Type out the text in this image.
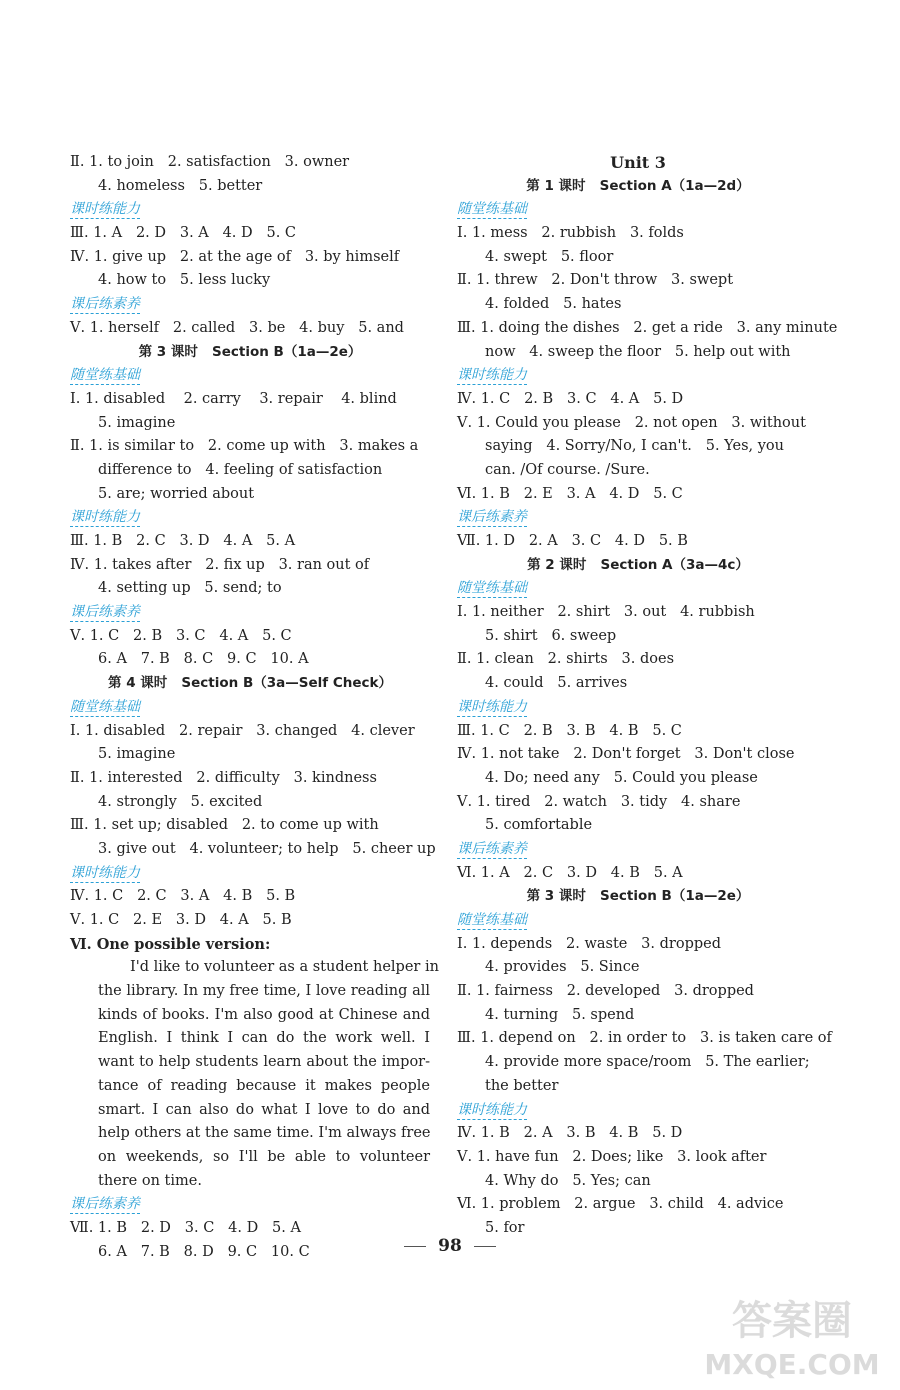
Ⅱ. 1. to join   2. satisfaction   3. owner
4. homeless   5. better
课时练能力
Ⅲ. 1. A   2. D   3. A   4. D   5. C
Ⅳ. 1. give up   2. at the age of   3. by himself
4. how to   5. less lucky
课后练素养
Ⅴ. 1. herself   2. called   3. be   4. buy   5. and
第 3 课时   Section B（1a—2e）
随堂练基础
Ⅰ. 1. disabled    2. carry    3. repair    4. blind
5. imagine
Ⅱ. 1. is similar to   2. come up with   3. makes a
difference to   4. feeling of satisfaction
5. are; worried about
课时练能力
Ⅲ. 1. B   2. C   3. D   4. A   5. A
Ⅳ. 1. takes after   2. fix up   3. ran out of
4. setting up   5. send; to
课后练素养
Ⅴ. 1. C   2. B   3. C   4. A   5. C
6. A   7. B   8. C   9. C   10. A
第 4 课时   Section B（3a—Self Check）
随堂练基础
Ⅰ. 1. disabled   2. repair   3. changed   4. clever
5. imagine
Ⅱ. 1. interested   2. difficulty   3. kindness
4. strongly   5. excited
Ⅲ. 1. set up; disabled   2. to come up with
3. give out   4. volunteer; to help   5. cheer up
课时练能力
Ⅳ. 1. C   2. C   3. A   4. B   5. B
Ⅴ. 1. C   2. E   3. D   4. A   5. B
Ⅵ. One possible version:
I'd like to volunteer as a student helper in
the library. In my free time, I love reading all
kinds of books. I'm also good at Chinese and
English. I think I can do the work well. I
want to help students learn about the impor-
tance of reading because it makes people
smart. I can also do what I love to do and
help others at the same time. I'm always free
on weekends, so I'll be able to volunteer
there on time.
课后练素养
Ⅶ. 1. B   2. D   3. C   4. D   5. A
6. A   7. B   8. D   9. C   10. C
Unit 3
第 1 课时   Section A（1a—2d）
随堂练基础
Ⅰ. 1. mess   2. rubbish   3. folds
4. swept   5. floor
Ⅱ. 1. threw   2. Don't throw   3. swept
4. folded   5. hates
Ⅲ. 1. doing the dishes   2. get a ride   3. any minute
now   4. sweep the floor   5. help out with
课时练能力
Ⅳ. 1. C   2. B   3. C   4. A   5. D
Ⅴ. 1. Could you please   2. not open   3. without
saying   4. Sorry/No, I can't.   5. Yes, you
can. /Of course. /Sure.
Ⅵ. 1. B   2. E   3. A   4. D   5. C
课后练素养
Ⅶ. 1. D   2. A   3. C   4. D   5. B
第 2 课时   Section A（3a—4c）
随堂练基础
Ⅰ. 1. neither   2. shirt   3. out   4. rubbish
5. shirt   6. sweep
Ⅱ. 1. clean   2. shirts   3. does
4. could   5. arrives
课时练能力
Ⅲ. 1. C   2. B   3. B   4. B   5. C
Ⅳ. 1. not take   2. Don't forget   3. Don't close
4. Do; need any   5. Could you please
Ⅴ. 1. tired   2. watch   3. tidy   4. share
5. comfortable
课后练素养
Ⅵ. 1. A   2. C   3. D   4. B   5. A
第 3 课时   Section B（1a—2e）
随堂练基础
Ⅰ. 1. depends   2. waste   3. dropped
4. provides   5. Since
Ⅱ. 1. fairness   2. developed   3. dropped
4. turning   5. spend
Ⅲ. 1. depend on   2. in order to   3. is taken care of
4. provide more space/room   5. The earlier;
the better
课时练能力
Ⅳ. 1. B   2. A   3. B   4. B   5. D
Ⅴ. 1. have fun   2. Does; like   3. look after
4. Why do   5. Yes; can
Ⅵ. 1. problem   2. argue   3. child   4. advice
5. for
98
答案圈
MXQE.COM
